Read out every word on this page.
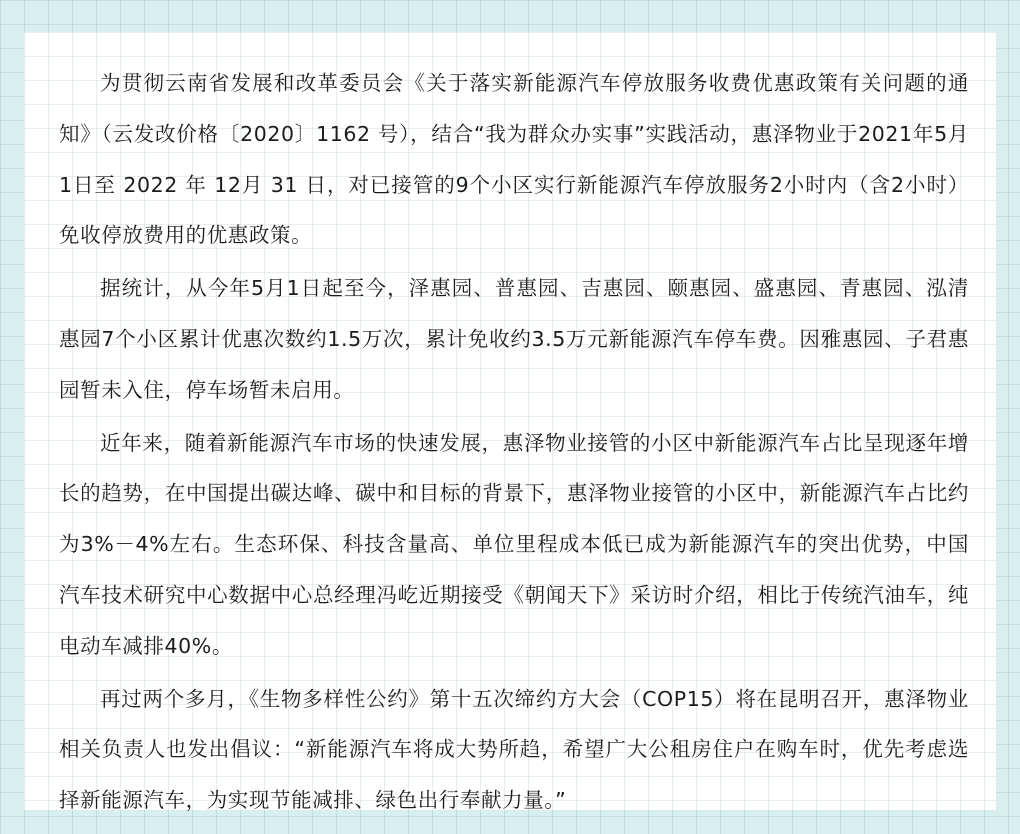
为贯彻云南省发展和改革委员会《关于落实新能源汽车停放服务收费优惠政策有关问题的通知》（云发改价格〔2020〕1162 号），结合“我为群众办实事”实践活动，惠泽物业于2021年5月1日至 2022 年 12月 31 日，对已接管的9个小区实行新能源汽车停放服务2小时内（含2小时）免收停放费用的优惠政策。

据统计，从今年5月1日起至今，泽惠园、普惠园、吉惠园、颐惠园、盛惠园、青惠园、泓清惠园7个小区累计优惠次数约1.5万次，累计免收约3.5万元新能源汽车停车费。因雅惠园、子君惠园暂未入住，停车场暂未启用。

近年来，随着新能源汽车市场的快速发展，惠泽物业接管的小区中新能源汽车占比呈现逐年增长的趋势，在中国提出碳达峰、碳中和目标的背景下，惠泽物业接管的小区中，新能源汽车占比约为3%－4%左右。生态环保、科技含量高、单位里程成本低已成为新能源汽车的突出优势，中国汽车技术研究中心数据中心总经理冯屹近期接受《朝闻天下》采访时介绍，相比于传统汽油车，纯电动车减排40%。

再过两个多月，《生物多样性公约》第十五次缔约方大会（COP15）将在昆明召开，惠泽物业相关负责人也发出倡议：“新能源汽车将成大势所趋，希望广大公租房住户在购车时，优先考虑选择新能源汽车，为实现节能减排、绿色出行奉献力量。”
